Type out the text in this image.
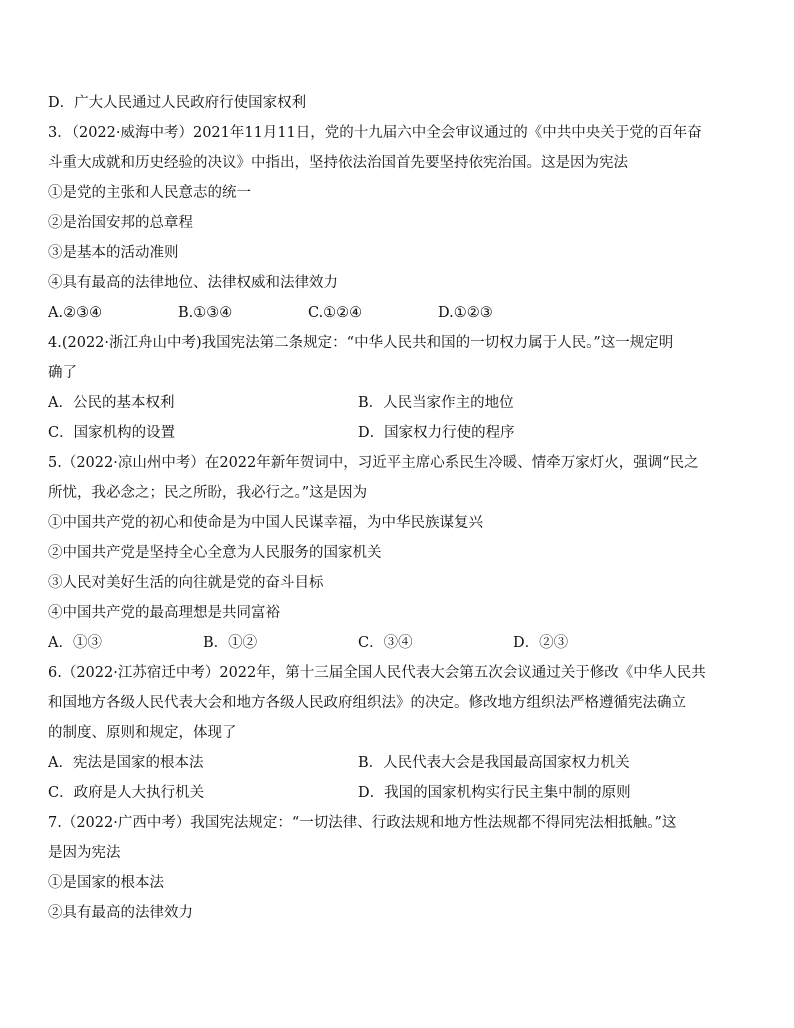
D．广大人民通过人民政府行使国家权利
3．（2022·威海中考）2021年11月11日，党的十九届六中全会审议通过的《中共中央关于党的百年奋
斗重大成就和历史经验的决议》中指出，坚持依法治国首先要坚持依宪治国。这是因为宪法
①是党的主张和人民意志的统一
②是治国安邦的总章程
③是基本的活动准则
④具有最高的法律地位、法律权威和法律效力
A.②③④	B.①③④	C.①②④	D.①②③
4.(2022·浙江舟山中考)我国宪法第二条规定：“中华人民共和国的一切权力属于人民。”这一规定明
确了
A．公民的基本权利	B．人民当家作主的地位
C．国家机构的设置	D．国家权力行使的程序
5.（2022·凉山州中考）在2022年新年贺词中，习近平主席心系民生冷暖、情牵万家灯火，强调“民之
所忧，我必念之；民之所盼，我必行之。”这是因为
①中国共产党的初心和使命是为中国人民谋幸福，为中华民族谋复兴
②中国共产党是坚持全心全意为人民服务的国家机关
③人民对美好生活的向往就是党的奋斗目标
④中国共产党的最高理想是共同富裕
A．①③	B．①②	C．③④	D．②③
6.（2022·江苏宿迁中考）2022年，第十三届全国人民代表大会第五次会议通过关于修改《中华人民共
和国地方各级人民代表大会和地方各级人民政府组织法》的决定。修改地方组织法严格遵循宪法确立
的制度、原则和规定，体现了
A．宪法是国家的根本法	B．人民代表大会是我国最高国家权力机关
C．政府是人大执行机关	D．我国的国家机构实行民主集中制的原则
7.（2022·广西中考）我国宪法规定：“一切法律、行政法规和地方性法规都不得同宪法相抵触。”这
是因为宪法
①是国家的根本法
②具有最高的法律效力
